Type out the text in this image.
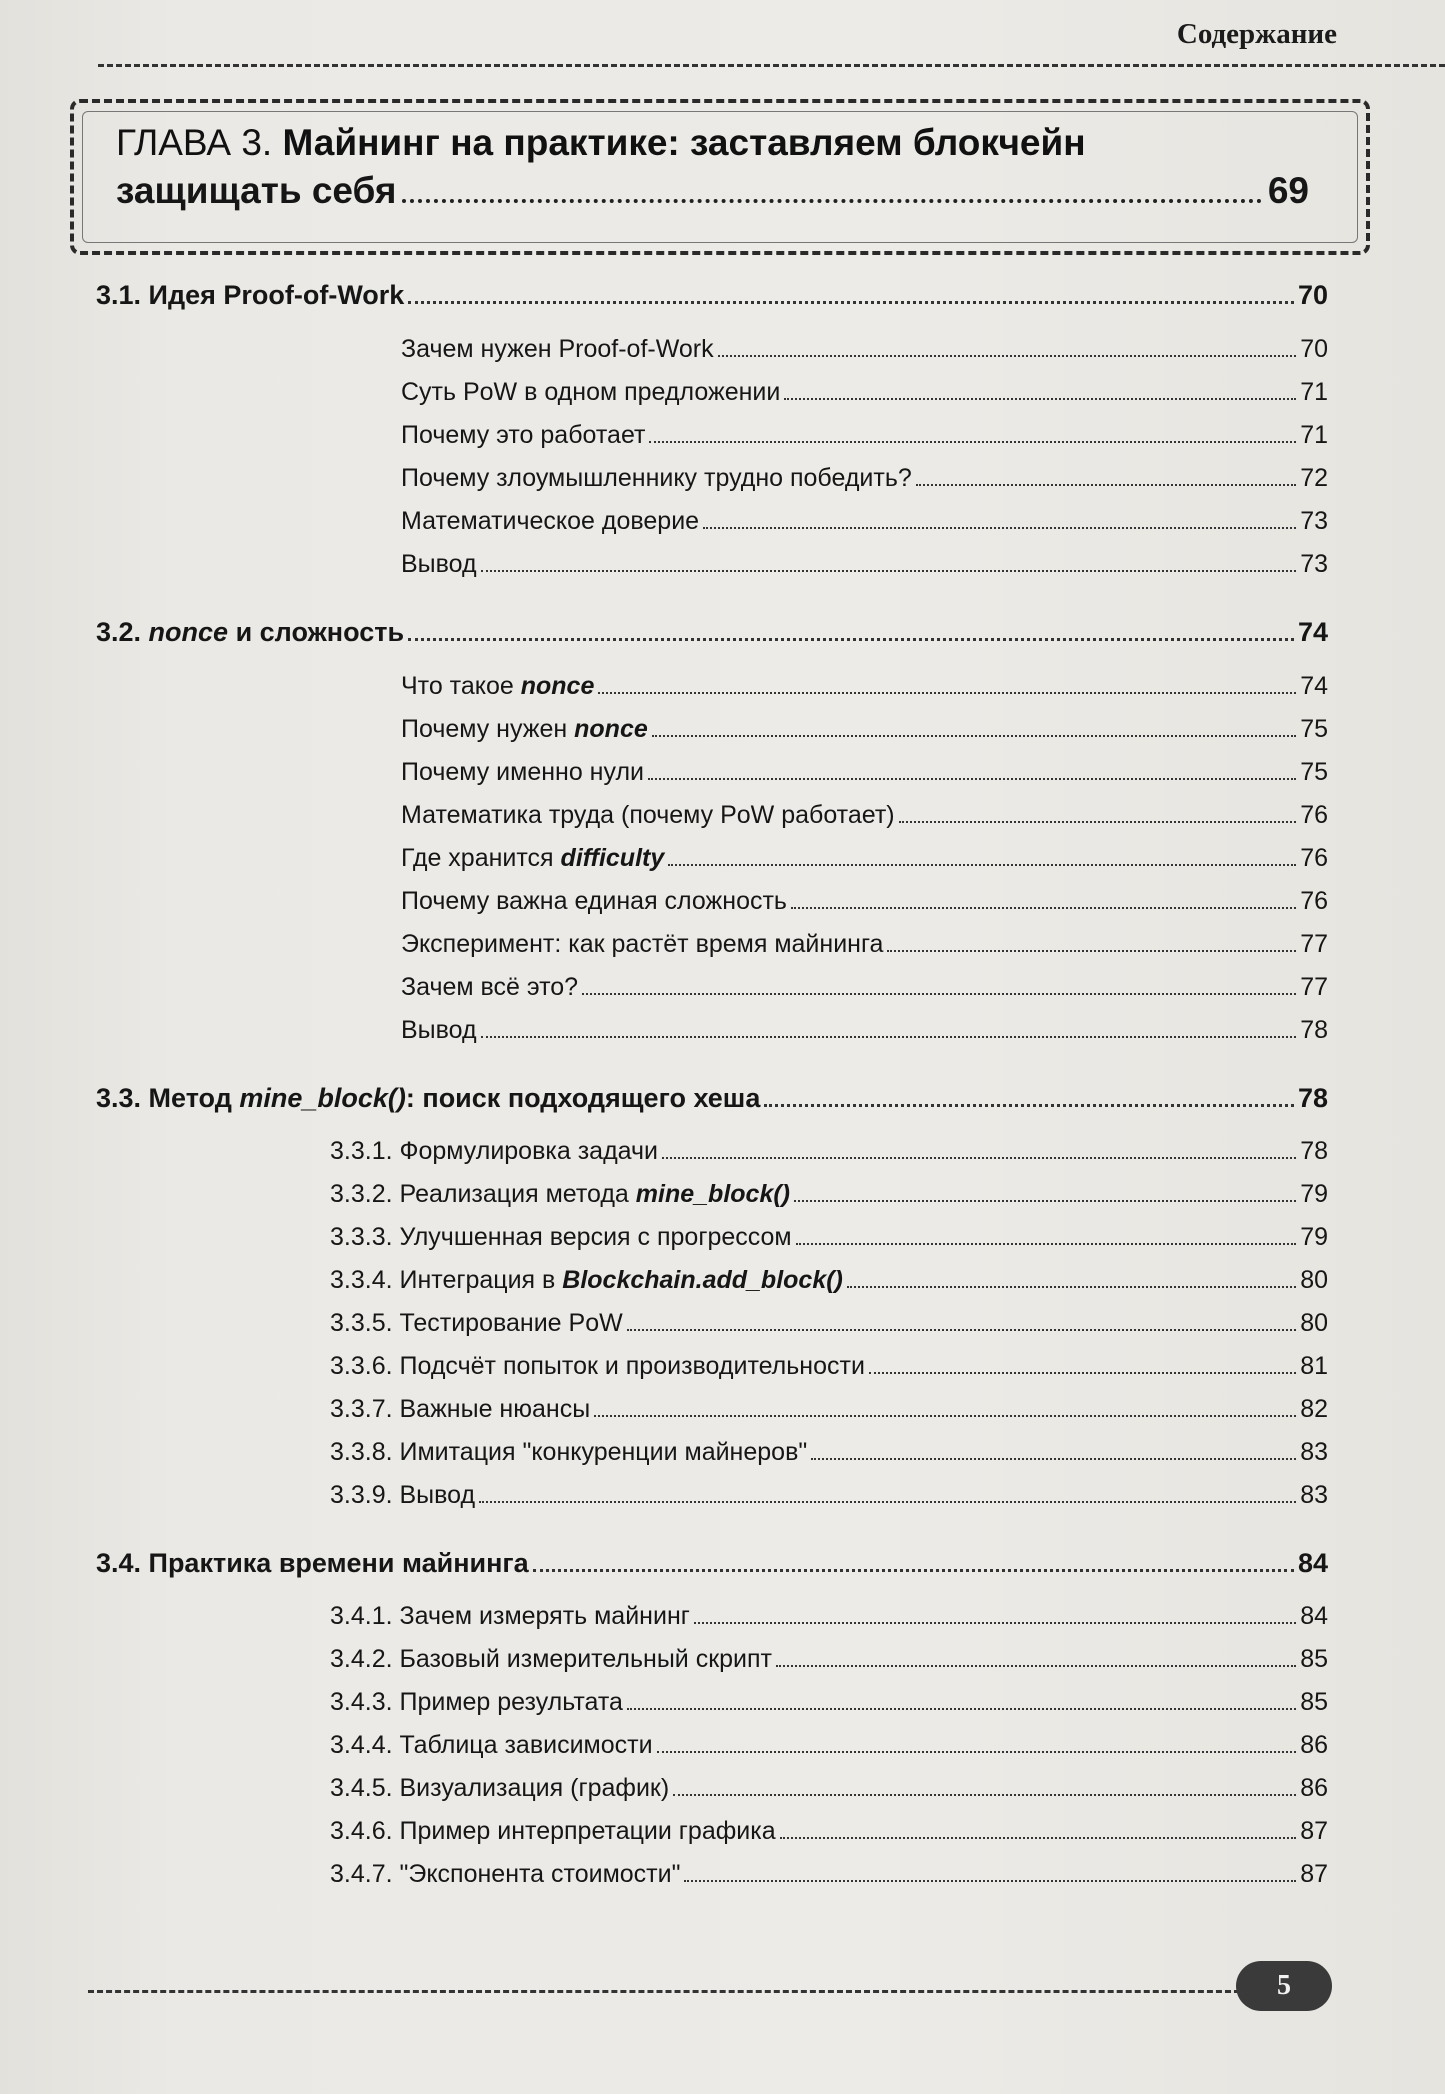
Содержание
ГЛАВА 3. Майнинг на практике: заставляем блокчейн
защищать себя	69
3.1. Идея Proof-of-Work	70
Зачем нужен Proof-of-Work	70
Суть PoW в одном предложении	71
Почему это работает	71
Почему злоумышленнику трудно победить?	72
Математическое доверие	73
Вывод	73
3.2. nonce и сложность	74
Что такое nonce	74
Почему нужен nonce	75
Почему именно нули	75
Математика труда (почему PoW работает)	76
Где хранится difficulty	76
Почему важна единая сложность	76
Эксперимент: как растёт время майнинга	77
Зачем всё это?	77
Вывод	78
3.3. Метод mine_block(): поиск подходящего хеша	78
3.3.1. Формулировка задачи	78
3.3.2. Реализация метода mine_block()	79
3.3.3. Улучшенная версия с прогрессом	79
3.3.4. Интеграция в Blockchain.add_block()	80
3.3.5. Тестирование PoW	80
3.3.6. Подсчёт попыток и производительности	81
3.3.7. Важные нюансы	82
3.3.8. Имитация "конкуренции майнеров"	83
3.3.9. Вывод	83
3.4. Практика времени майнинга	84
3.4.1. Зачем измерять майнинг	84
3.4.2. Базовый измерительный скрипт	85
3.4.3. Пример результата	85
3.4.4. Таблица зависимости	86
3.4.5. Визуализация (график)	86
3.4.6. Пример интерпретации графика	87
3.4.7. "Экспонента стоимости"	87
5
